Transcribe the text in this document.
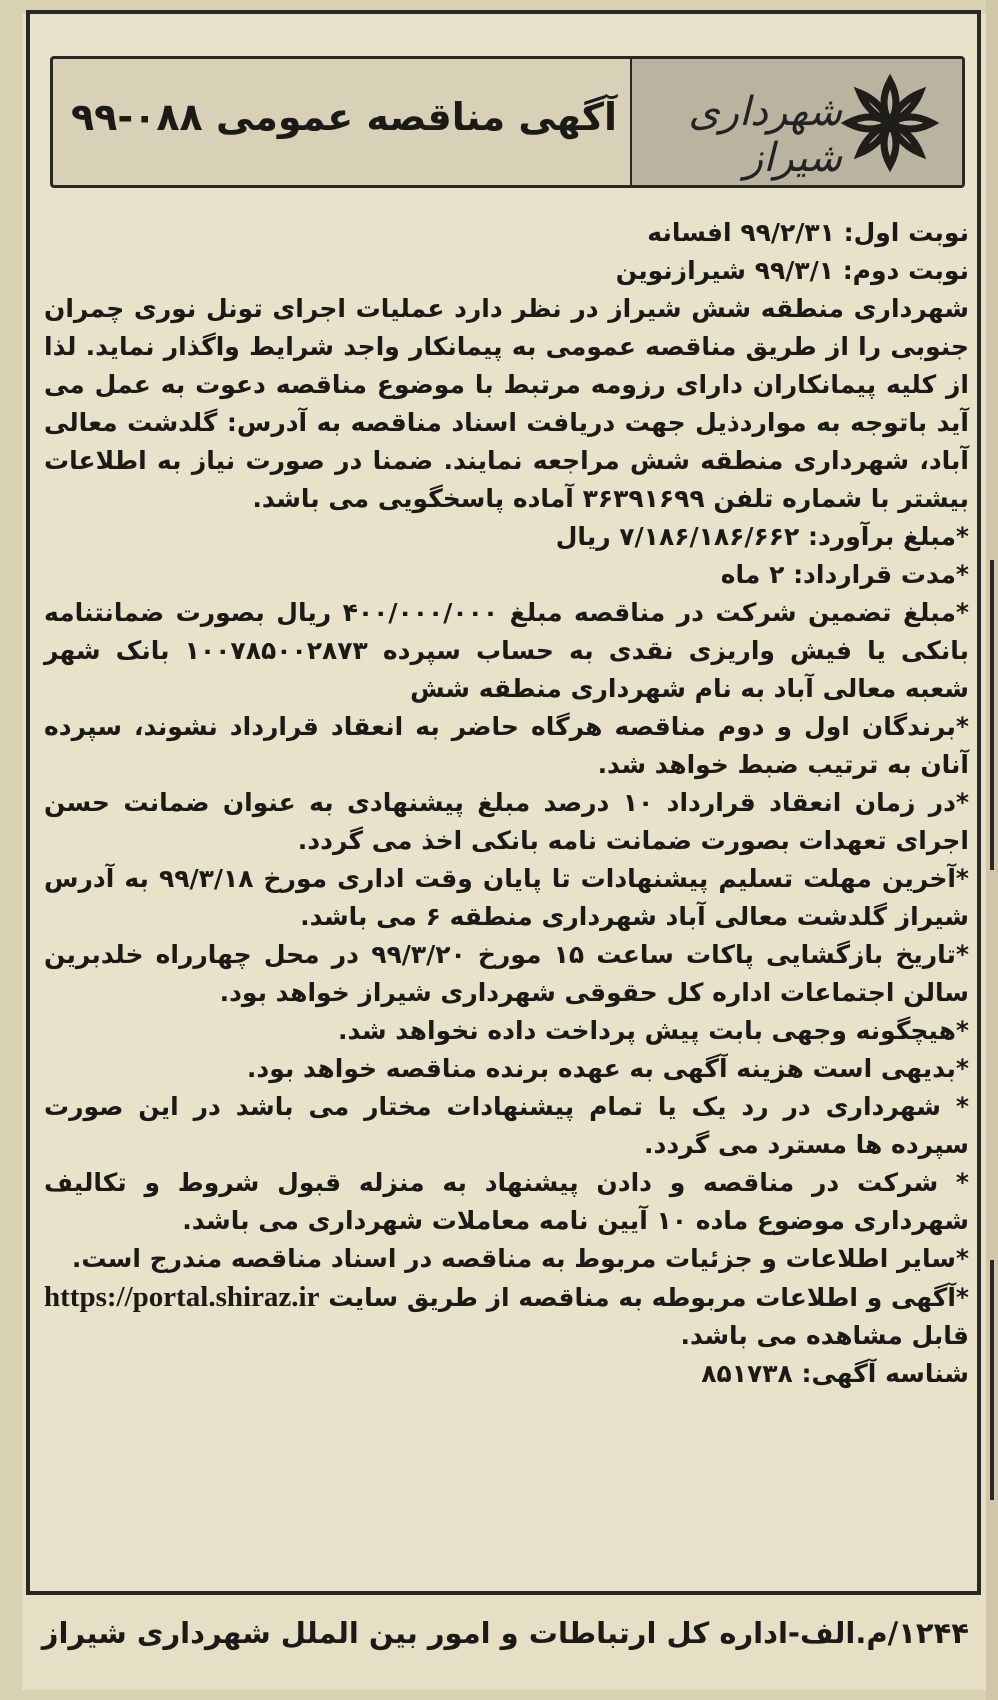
شهرداری شیراز
آگهی مناقصه عمومی ۰۸۸-۹۹

نوبت اول: ۹۹/۲/۳۱ افسانه

نوبت دوم: ۹۹/۳/۱ شیرازنوین

شهرداری منطقه شش شیراز در نظر دارد عملیات اجرای تونل نوری چمران جنوبی را از طریق مناقصه عمومی به پیمانکار واجد شرایط واگذار نماید. لذا از کلیه پیمانکاران دارای رزومه مرتبط با موضوع مناقصه دعوت به عمل می آید باتوجه به مواردذیل جهت دریافت اسناد مناقصه به آدرس: گلدشت معالی آباد، شهرداری منطقه شش مراجعه نمایند. ضمنا در صورت نیاز به اطلاعات بیشتر با شماره تلفن ۳۶۳۹۱۶۹۹ آماده پاسخگویی می باشد.

*مبلغ برآورد: ۷/۱۸۶/۱۸۶/۶۶۲ ریال

*مدت قرارداد: ۲ ماه

*مبلغ تضمین شرکت در مناقصه مبلغ ۴۰۰/۰۰۰/۰۰۰ ریال بصورت ضمانتنامه بانکی یا فیش واریزی نقدی به حساب سپرده ۱۰۰۷۸۵۰۰۲۸۷۳ بانک شهر شعبه معالی آباد به نام شهرداری منطقه شش

*برندگان اول و دوم مناقصه هرگاه حاضر به انعقاد قرارداد نشوند، سپرده آنان به ترتیب ضبط خواهد شد.

*در زمان انعقاد قرارداد ۱۰ درصد مبلغ پیشنهادی به عنوان ضمانت حسن اجرای تعهدات بصورت ضمانت نامه بانکی اخذ می گردد.

*آخرین مهلت تسلیم پیشنهادات تا پایان وقت اداری مورخ ۹۹/۳/۱۸ به آدرس شیراز گلدشت معالی آباد شهرداری منطقه ۶ می باشد.

*تاریخ بازگشایی پاکات ساعت ۱۵ مورخ ۹۹/۳/۲۰ در محل چهارراه خلدبرین سالن اجتماعات اداره کل حقوقی شهرداری شیراز خواهد بود.

*هیچگونه وجهی بابت پیش پرداخت داده نخواهد شد.

*بدیهی است هزینه آگهی به عهده برنده مناقصه خواهد بود.

* شهرداری در رد یک یا تمام پیشنهادات مختار می باشد در این صورت سپرده ها مسترد می گردد.

* شرکت در مناقصه و دادن پیشنهاد به منزله قبول شروط و تکالیف شهرداری موضوع ماده ۱۰ آیین نامه معاملات شهرداری می باشد.

*سایر اطلاعات و جزئیات مربوط به مناقصه در اسناد مناقصه مندرج است.

*آگهی و اطلاعات مربوطه به مناقصه از طریق سایت https://portal.shiraz.ir قابل مشاهده می باشد.

شناسه آگهی: ۸۵۱۷۳۸

۱۲۴۴/م.الف-اداره کل ارتباطات و امور بین الملل شهرداری شیراز
